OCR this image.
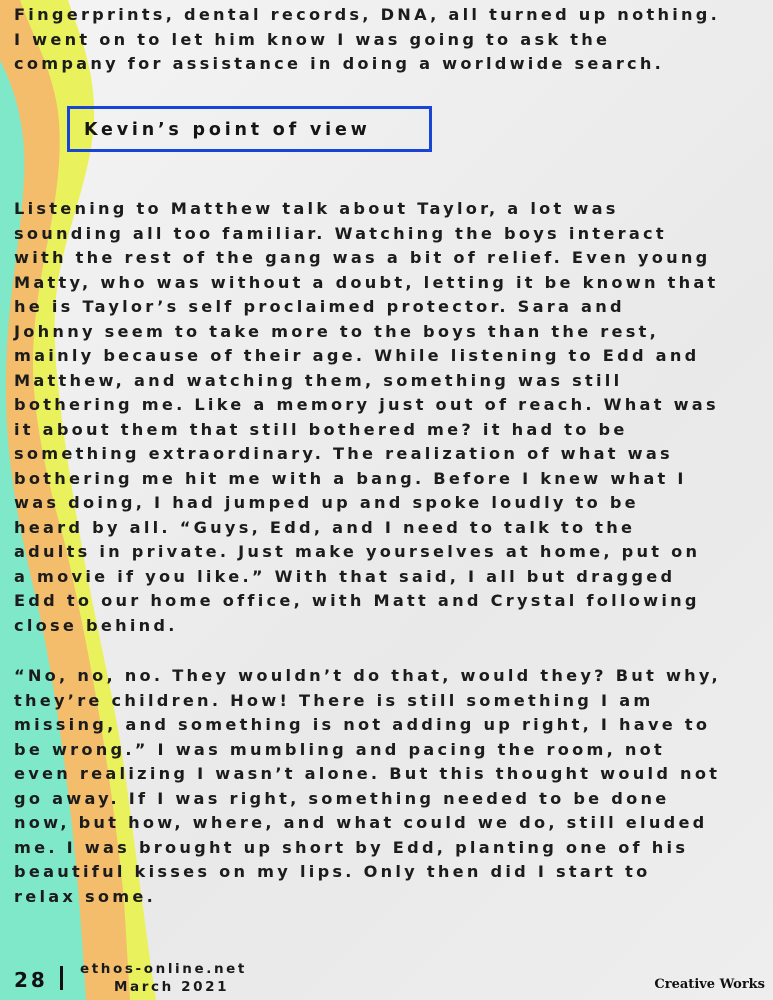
Fingerprints, dental records, DNA, all turned up nothing.
I went on to let him know I was going to ask the
company for assistance in doing a worldwide search.
Kevin’s point of view
Listening to Matthew talk about Taylor, a lot was
sounding all too familiar. Watching the boys interact
with the rest of the gang was a bit of relief. Even young
Matty, who was without a doubt, letting it be known that
he is Taylor’s self proclaimed protector. Sara and
Johnny seem to take more to the boys than the rest,
mainly because of their age. While listening to Edd and
Matthew, and watching them, something was still
bothering me. Like a memory just out of reach. What was
it about them that still bothered me? it had to be
something extraordinary. The realization of what was
bothering me hit me with a bang. Before I knew what I
was doing, I had jumped up and spoke loudly to be
heard by all. “Guys, Edd, and I need to talk to the
adults in private. Just make yourselves at home, put on
a movie if you like.” With that said, I all but dragged
Edd to our home office, with Matt and Crystal following
close behind.
“No, no, no. They wouldn’t do that, would they? But why,
they’re children. How! There is still something I am
missing, and something is not adding up right, I have to
be wrong.” I was mumbling and pacing the room, not
even realizing I wasn’t alone. But this thought would not
go away. If I was right, something needed to be done
now, but how, where, and what could we do, still eluded
me. I was brought up short by Edd, planting one of his
beautiful kisses on my lips. Only then did I start to
relax some.
28 ethos-online.net
March 2021	Creative Works
